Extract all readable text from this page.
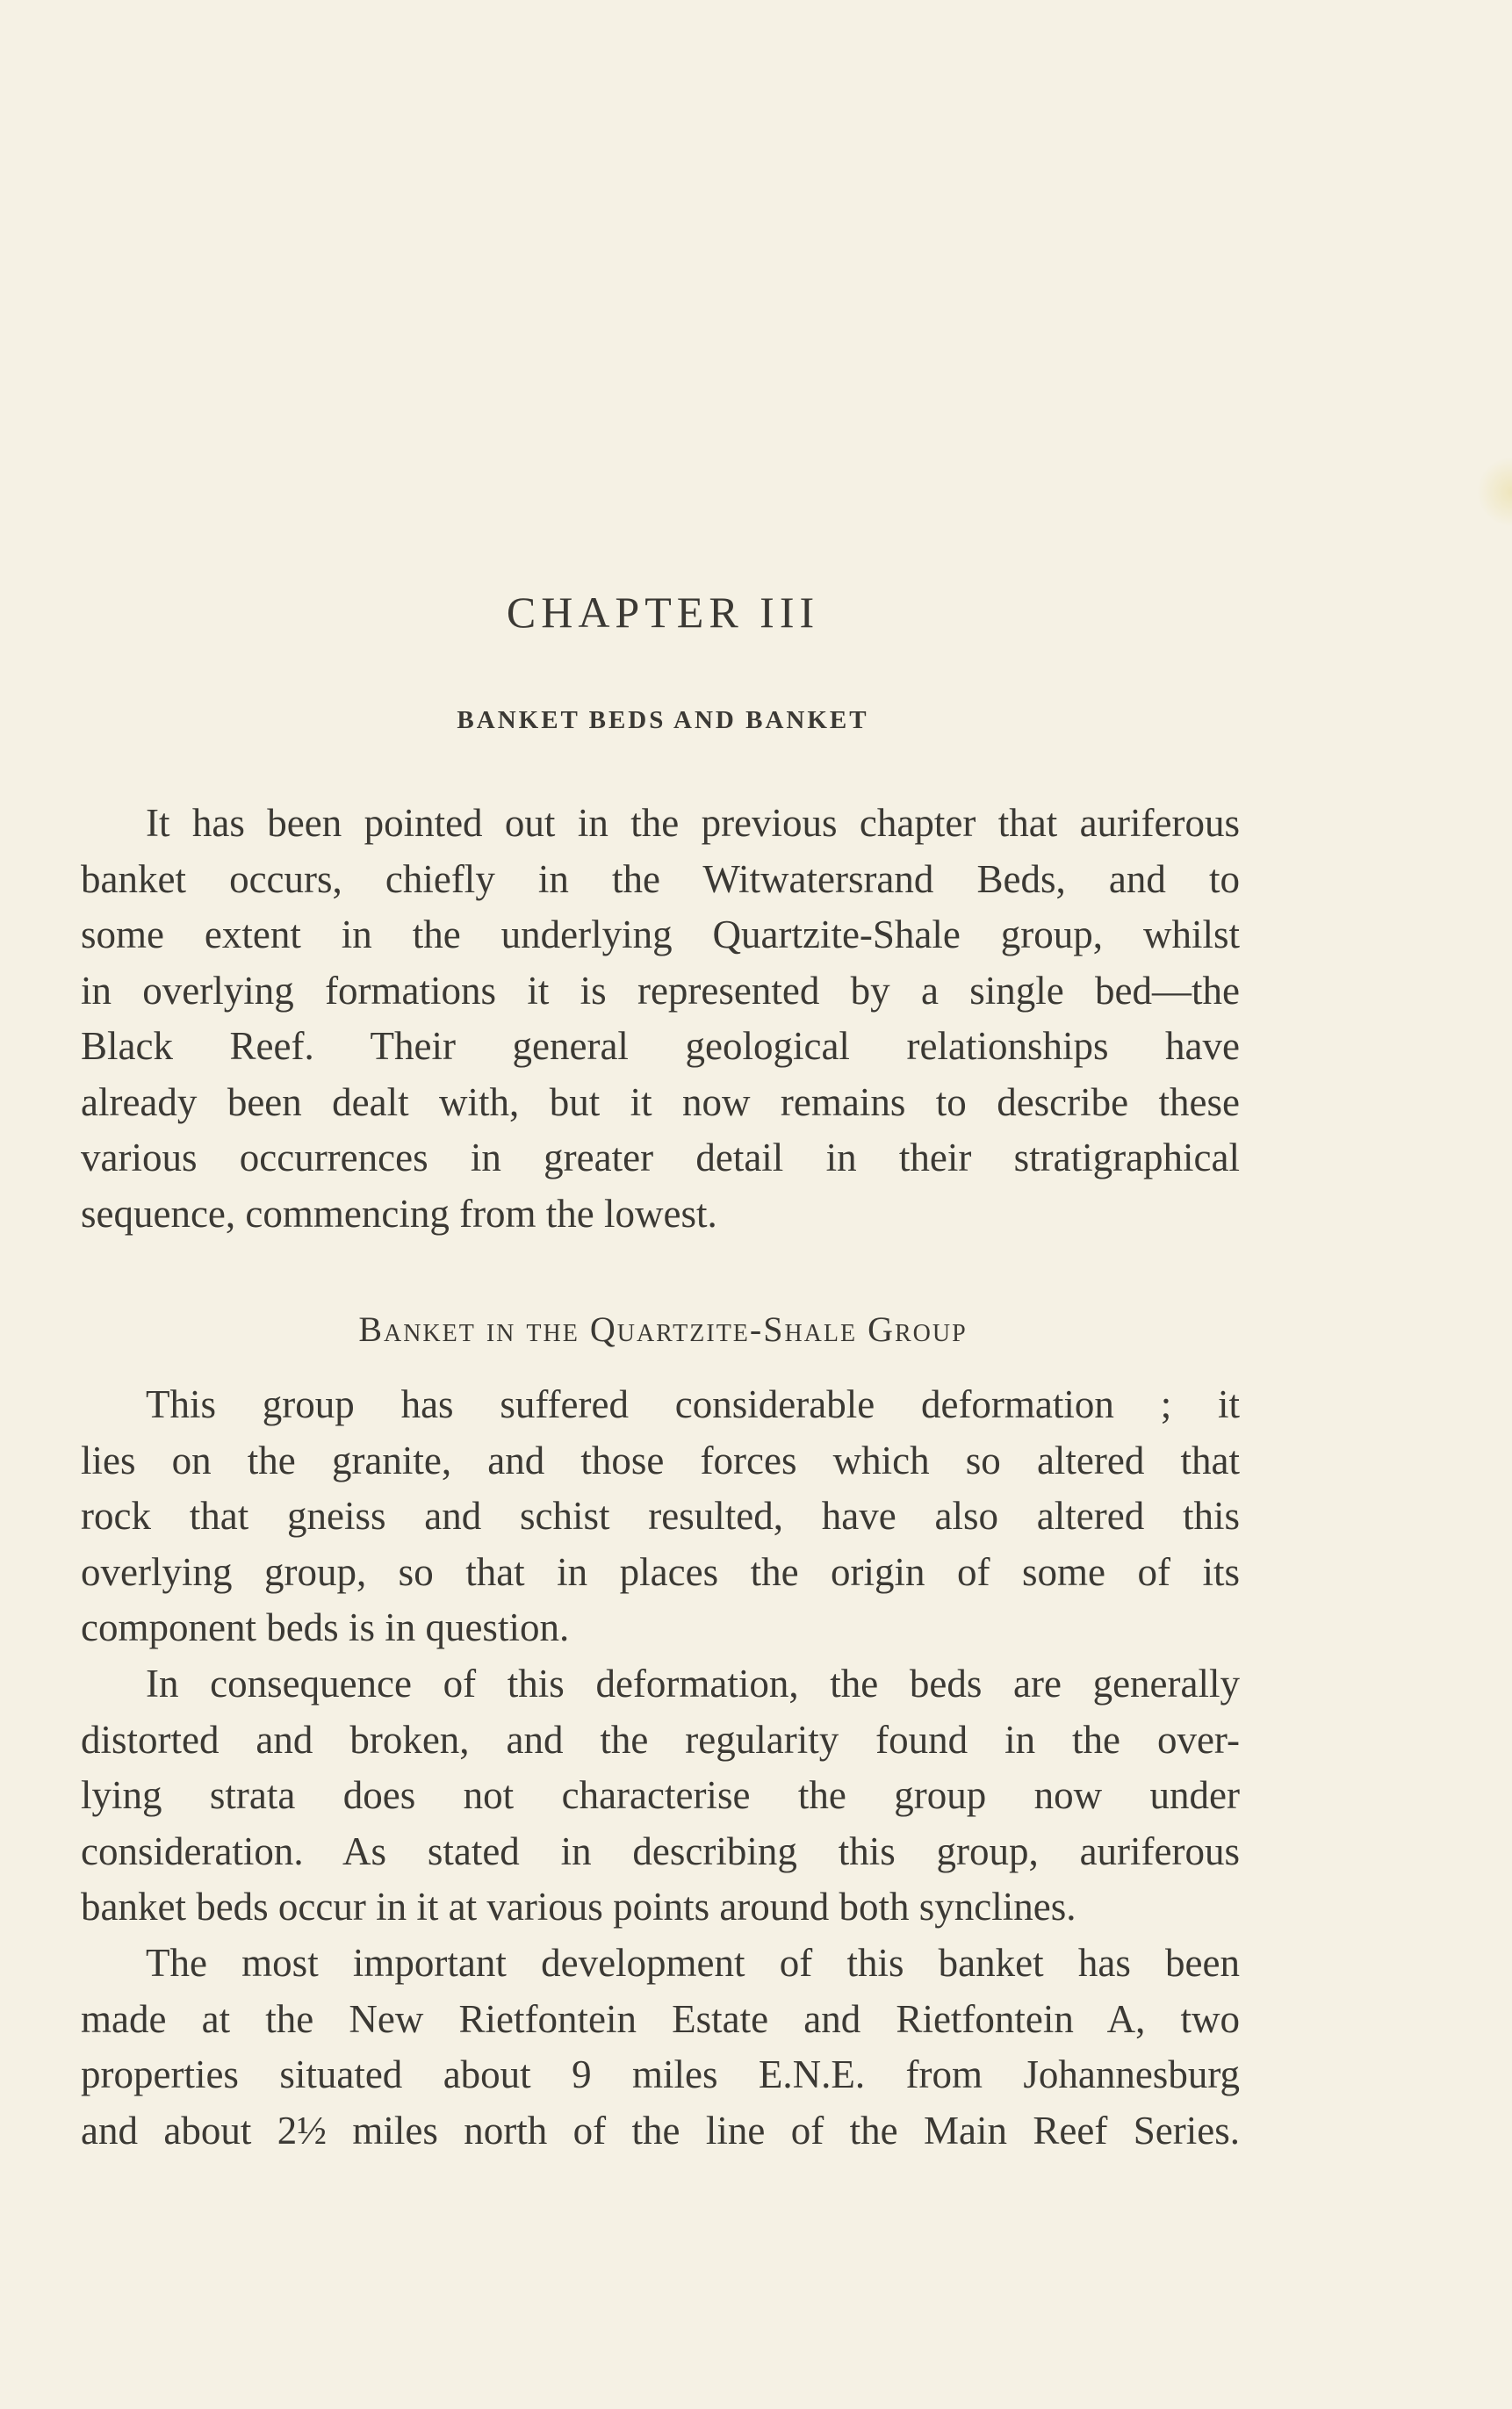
CHAPTER III
BANKET BEDS AND BANKET
It has been pointed out in the previous chapter that auriferous
banket occurs, chiefly in the Witwatersrand Beds, and to
some extent in the underlying Quartzite-Shale group, whilst
in overlying formations it is represented by a single bed—the
Black Reef. Their general geological relationships have
already been dealt with, but it now remains to describe these
various occurrences in greater detail in their stratigraphical
sequence, commencing from the lowest.
Banket in the Quartzite-Shale Group
This group has suffered considerable deformation ; it
lies on the granite, and those forces which so altered that
rock that gneiss and schist resulted, have also altered this
overlying group, so that in places the origin of some of its
component beds is in question.
In consequence of this deformation, the beds are generally
distorted and broken, and the regularity found in the over-
lying strata does not characterise the group now under
consideration. As stated in describing this group, auriferous
banket beds occur in it at various points around both synclines.
The most important development of this banket has been
made at the New Rietfontein Estate and Rietfontein A, two
properties situated about 9 miles E.N.E. from Johannesburg
and about 2½ miles north of the line of the Main Reef Series.
